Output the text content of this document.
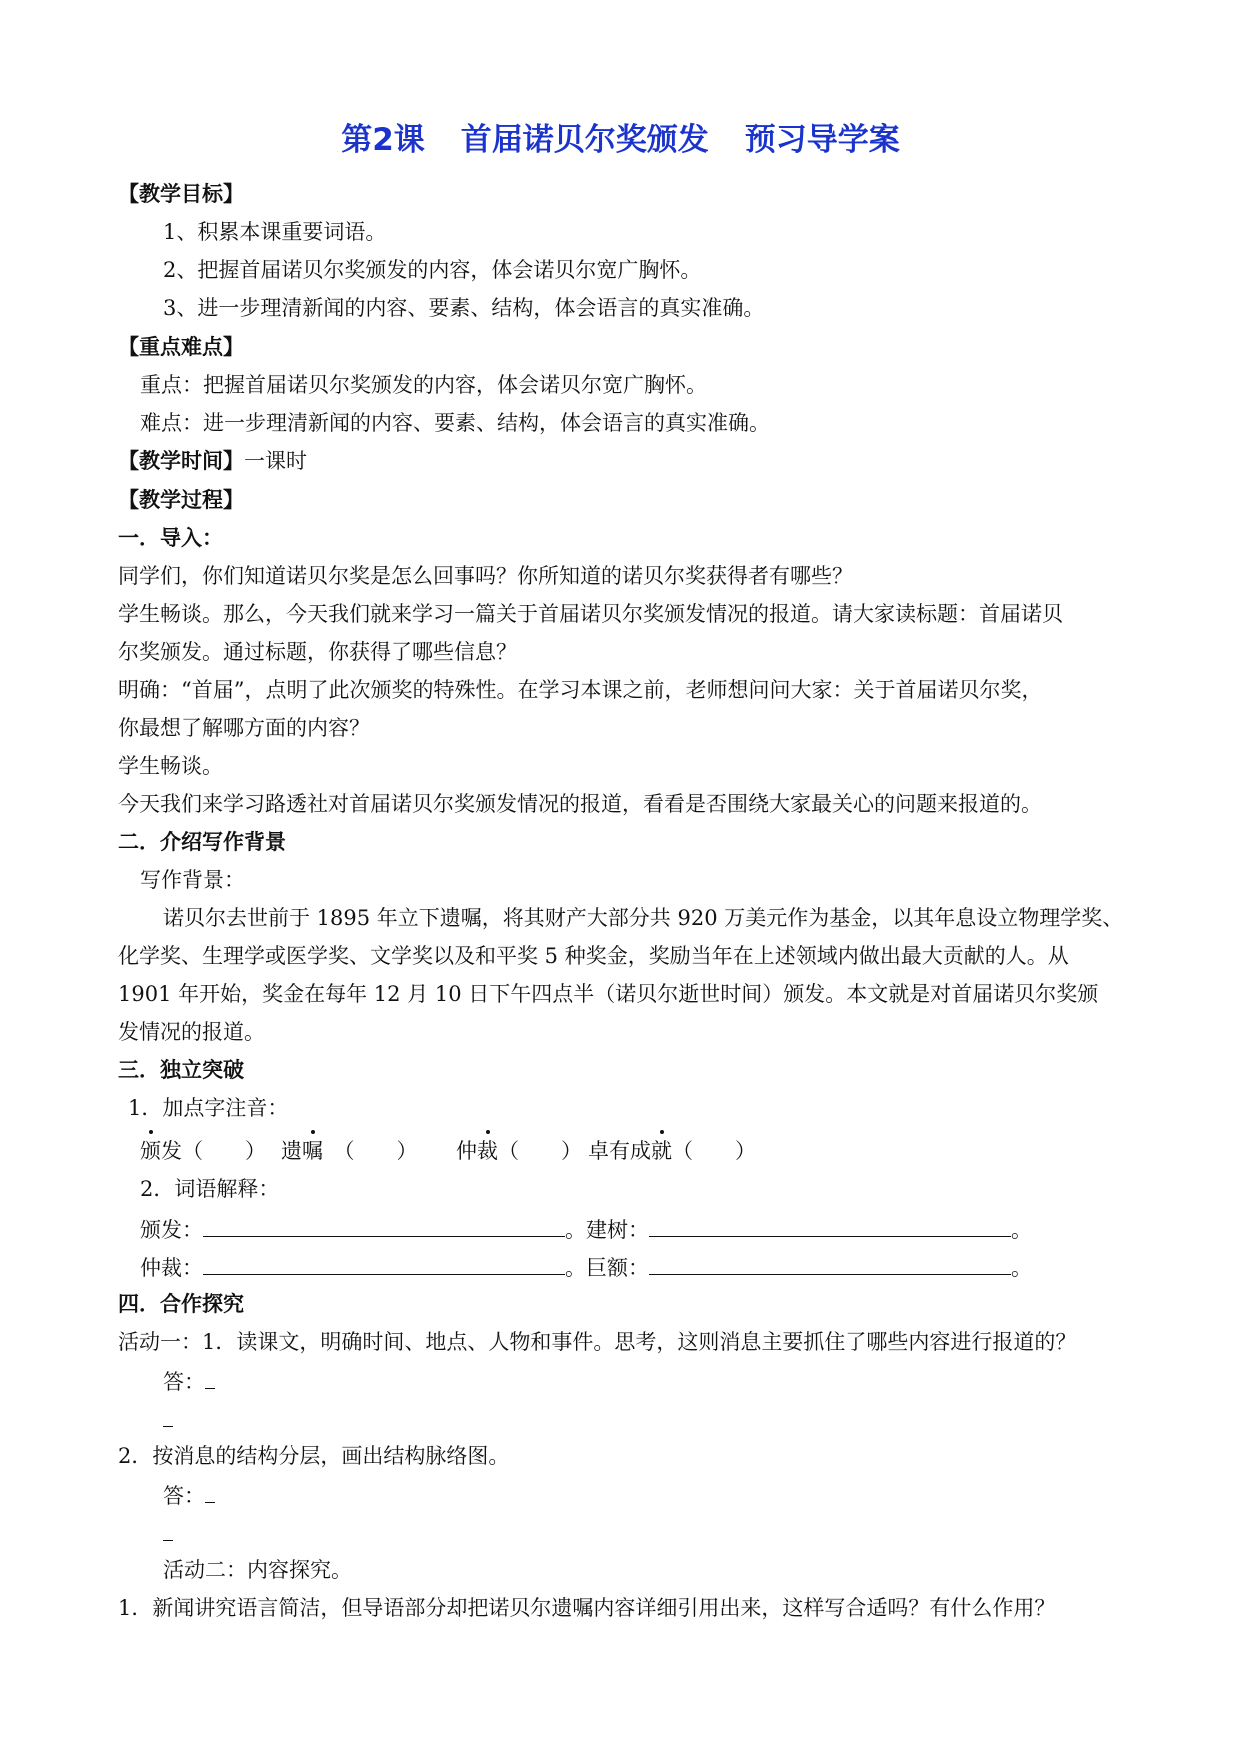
第2课 首届诺贝尔奖颁发 预习导学案
【教学目标】
1、积累本课重要词语。
2、把握首届诺贝尔奖颁发的内容，体会诺贝尔宽广胸怀。
3、进一步理清新闻的内容、要素、结构，体会语言的真实准确。
【重点难点】
重点：把握首届诺贝尔奖颁发的内容，体会诺贝尔宽广胸怀。
难点：进一步理清新闻的内容、要素、结构，体会语言的真实准确。
【教学时间】一课时
【教学过程】
一．导入：
同学们，你们知道诺贝尔奖是怎么回事吗？你所知道的诺贝尔奖获得者有哪些？
学生畅谈。那么，今天我们就来学习一篇关于首届诺贝尔奖颁发情况的报道。请大家读标题：首届诺贝
尔奖颁发。通过标题，你获得了哪些信息？
明确：“首届”，点明了此次颁奖的特殊性。在学习本课之前，老师想问问大家：关于首届诺贝尔奖，
你最想了解哪方面的内容？
学生畅谈。
今天我们来学习路透社对首届诺贝尔奖颁发情况的报道，看看是否围绕大家最关心的问题来报道的。
二．介绍写作背景
写作背景：
诺贝尔去世前于 1895 年立下遗嘱，将其财产大部分共 920 万美元作为基金，以其年息设立物理学奖、
化学奖、生理学或医学奖、文学奖以及和平奖 5 种奖金，奖励当年在上述领域内做出最大贡献的人。从
1901 年开始，奖金在每年 12 月 10 日下午四点半（诺贝尔逝世时间）颁发。本文就是对首届诺贝尔奖颁
发情况的报道。
三．独立突破
1．加点字注音：
颁发（　　） 遗嘱　（　　） 仲裁（　　） 卓有成就（　　）
2．词语解释：
颁发：	。建树：	。
仲裁：	。巨额：	。
四．合作探究
活动一：1．读课文，明确时间、地点、人物和事件。思考，这则消息主要抓住了哪些内容进行报道的？
答：
2．按消息的结构分层，画出结构脉络图。
答：
活动二：内容探究。
1．新闻讲究语言简洁，但导语部分却把诺贝尔遗嘱内容详细引用出来，这样写合适吗？有什么作用？
